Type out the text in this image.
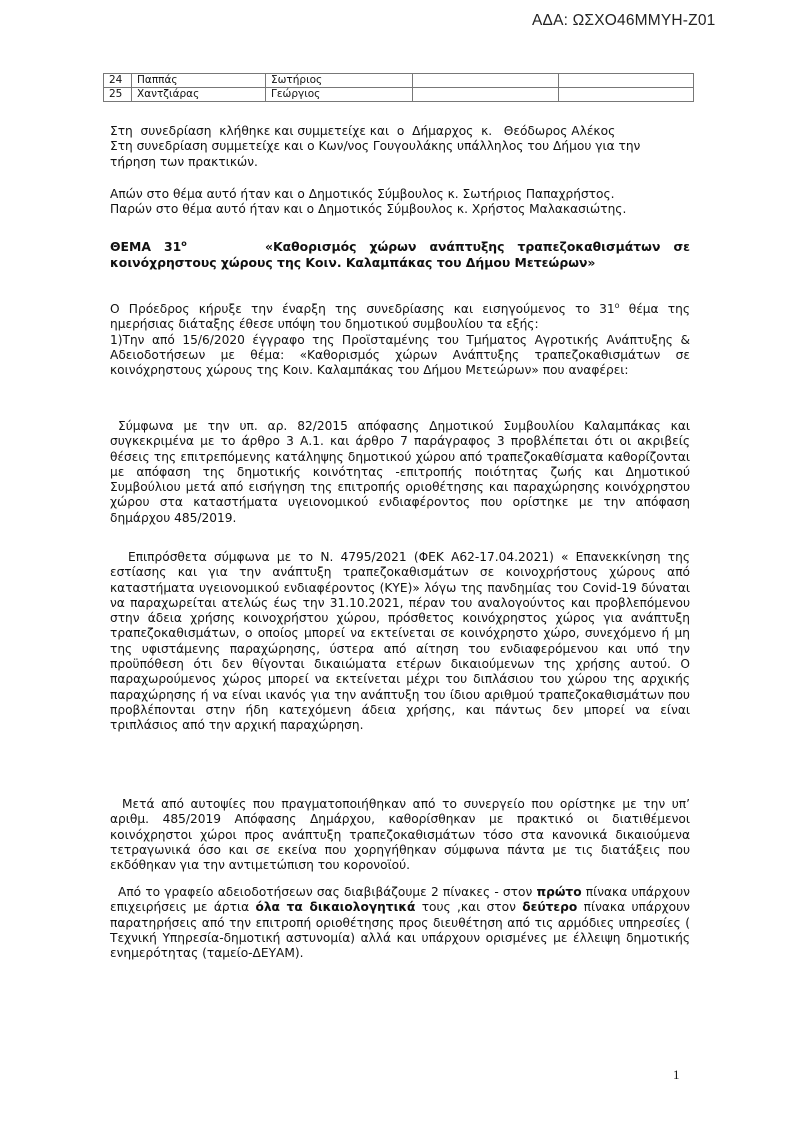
ΑΔΑ: ΩΣΧΟ46ΜΜΥΗ-Ζ01
24	Παππάς	Σωτήριος		
25	Χαντζιάρας	Γεώργιος		

Στη  συνεδρίαση  κλήθηκε και συμμετείχε και  ο  Δήμαρχος  κ.   Θεόδωρος Αλέκος

Στη συνεδρίαση συμμετείχε και ο Κων/νος Γουγουλάκης υπάλληλος του Δήμου για την τήρηση των πρακτικών.

Απών στο θέμα αυτό ήταν και ο Δημοτικός Σύμβουλος κ. Σωτήριος Παπαχρήστος.

Παρών στο θέμα αυτό ήταν και ο Δημοτικός Σύμβουλος κ. Χρήστος Μαλακασιώτης.

ΘΕΜΑ $31^o$	«Καθορισμός χώρων ανάπτυξης τραπεζοκαθισμάτων σε κοινόχρηστους χώρους της Κοιν. Καλαμπάκας του Δήμου Μετεώρων»

Ο Πρόεδρος κήρυξε την έναρξη της συνεδρίασης και εισηγούμενος το $31^o$ θέμα της ημερήσιας διάταξης έθεσε υπόψη του δημοτικού συμβουλίου τα εξής:

1)Την από 15/6/2020 έγγραφο της Προϊσταμένης του Τμήματος Αγροτικής Ανάπτυξης & Αδειοδοτήσεων με θέμα: «Καθορισμός χώρων Ανάπτυξης τραπεζοκαθισμάτων σε κοινόχρηστους χώρους της Κοιν. Καλαμπάκας του Δήμου Μετεώρων» που αναφέρει:

Σύμφωνα με την υπ. αρ. 82/2015 απόφασης Δημοτικού Συμβουλίου Καλαμπάκας και συγκεκριμένα με το άρθρο 3 Α.1. και άρθρο 7 παράγραφος 3 προβλέπεται ότι οι ακριβείς θέσεις της επιτρεπόμενης κατάληψης δημοτικού χώρου από τραπεζοκαθίσματα καθορίζονται με απόφαση της δημοτικής κοινότητας -επιτροπής ποιότητας ζωής και Δημοτικού Συμβούλιου μετά από εισήγηση της επιτροπής οριοθέτησης και παραχώρησης κοινόχρηστου χώρου στα καταστήματα υγειονομικού ενδιαφέροντος που ορίστηκε με την απόφαση δημάρχου 485/2019.
Επιπρόσθετα σύμφωνα με το Ν. 4795/2021 (ΦΕΚ Α62-17.04.2021) « Επανεκκίνηση της εστίασης και για την ανάπτυξη τραπεζοκαθισμάτων σε κοινοχρήστους χώρους από καταστήματα υγειονομικού ενδιαφέροντος (ΚΥΕ)» λόγω της πανδημίας του Covid-19 δύναται να παραχωρείται ατελώς έως την 31.10.2021, πέραν του αναλογούντος και προβλεπόμενου στην άδεια χρήσης κοινοχρήστου χώρου, πρόσθετος κοινόχρηστος χώρος για ανάπτυξη τραπεζοκαθισμάτων, ο οποίος μπορεί να εκτείνεται σε κοινόχρηστο χώρο, συνεχόμενο ή μη της υφιστάμενης παραχώρησης, ύστερα από αίτηση του ενδιαφερόμενου και υπό την προϋπόθεση ότι δεν θίγονται δικαιώματα ετέρων δικαιούμενων της χρήσης αυτού. Ο παραχωρούμενος χώρος μπορεί να εκτείνεται μέχρι του διπλάσιου του χώρου της αρχικής παραχώρησης ή να είναι ικανός για την ανάπτυξη του ίδιου αριθμού τραπεζοκαθισμάτων που προβλέπονται στην ήδη κατεχόμενη άδεια χρήσης, και πάντως δεν μπορεί να είναι τριπλάσιος από την αρχική παραχώρηση.
Μετά από αυτοψίες που πραγματοποιήθηκαν από το συνεργείο που ορίστηκε με την υπ’ αριθμ. 485/2019 Απόφασης Δημάρχου, καθορίσθηκαν με πρακτικό οι διατιθέμενοι κοινόχρηστοι χώροι προς ανάπτυξη τραπεζοκαθισμάτων τόσο στα κανονικά δικαιούμενα τετραγωνικά όσο και σε εκείνα που χορηγήθηκαν σύμφωνα πάντα με τις διατάξεις που εκδόθηκαν για την αντιμετώπιση του κορονοϊού.
Από το γραφείο αδειοδοτήσεων σας διαβιβάζουμε 2 πίνακες - στον πρώτο πίνακα υπάρχουν επιχειρήσεις με άρτια όλα τα δικαιολογητικά τους ,και στον δεύτερο πίνακα υπάρχουν παρατηρήσεις από την επιτροπή οριοθέτησης προς διευθέτηση από τις αρμόδιες υπηρεσίες ( Τεχνική Υπηρεσία-δημοτική αστυνομία) αλλά και υπάρχουν ορισμένες με έλλειψη δημοτικής ενημερότητας (ταμείο-ΔΕΥΑΜ).
1
